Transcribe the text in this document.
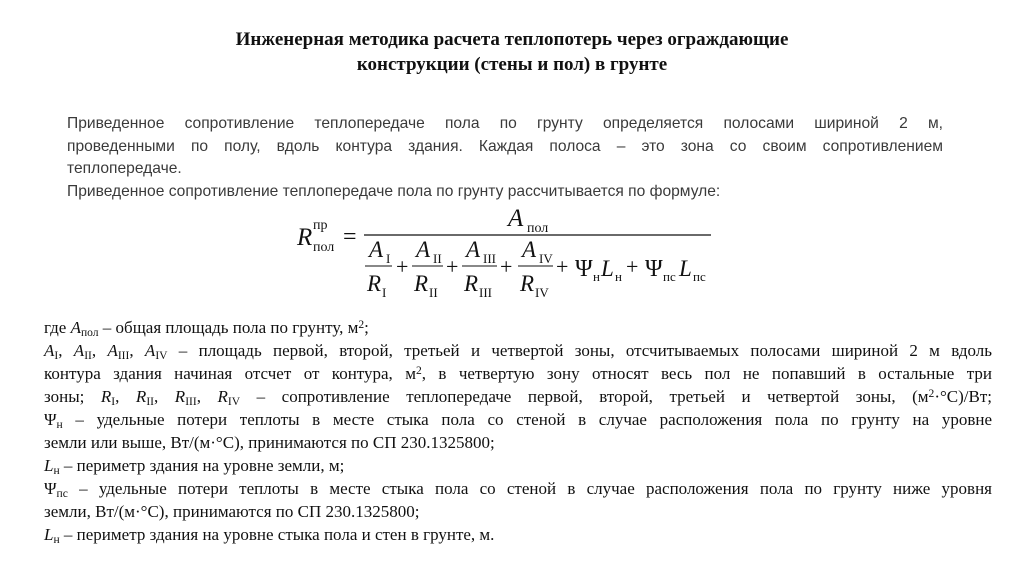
Инженерная методика расчета теплопотерь через ограждающие
конструкции (стены и пол) в грунте
Приведенное сопротивление теплопередаче пола по грунту определяется полосами шириной 2 м,
проведенными по полу, вдоль контура здания. Каждая полоса – это зона со своим сопротивлением
теплопередаче.
Приведенное сопротивление теплопередаче пола по грунту рассчитывается по формуле:
R пр
пол =
A пол
A I
R I
+
A II
R II
+
A III
R III
+
A IV
R IV
+ Ψ н L н + Ψ пс L пс
где $A_{пол}$ – общая площадь пола по грунту, $м^2$;
$A_I$, $A_{II}$, $A_{III}$, $A_{IV}$ – площадь первой, второй, третьей и четвертой зоны, отсчитываемых полосами шириной 2 м вдоль
контура здания начиная отсчет от контура, $м^2$, в четвертую зону относят весь пол не попавший в остальные три
зоны; $R_I$, $R_{II}$, $R_{III}$, $R_{IV}$ – сопротивление теплопередаче первой, второй, третьей и четвертой зоны, $(м^2\cdot^\circ С)/Вт$;
$\Psi_н$ – удельные потери теплоты в месте стыка пола со стеной в случае расположения пола по грунту на уровне
земли или выше, Вт/(м·°С), принимаются по СП 230.1325800;
$L_н$ – периметр здания на уровне земли, м;
$\Psi_{пс}$ – удельные потери теплоты в месте стыка пола со стеной в случае расположения пола по грунту ниже уровня
земли, Вт/(м·°С), принимаются по СП 230.1325800;
$L_н$ – периметр здания на уровне стыка пола и стен в грунте, м.
